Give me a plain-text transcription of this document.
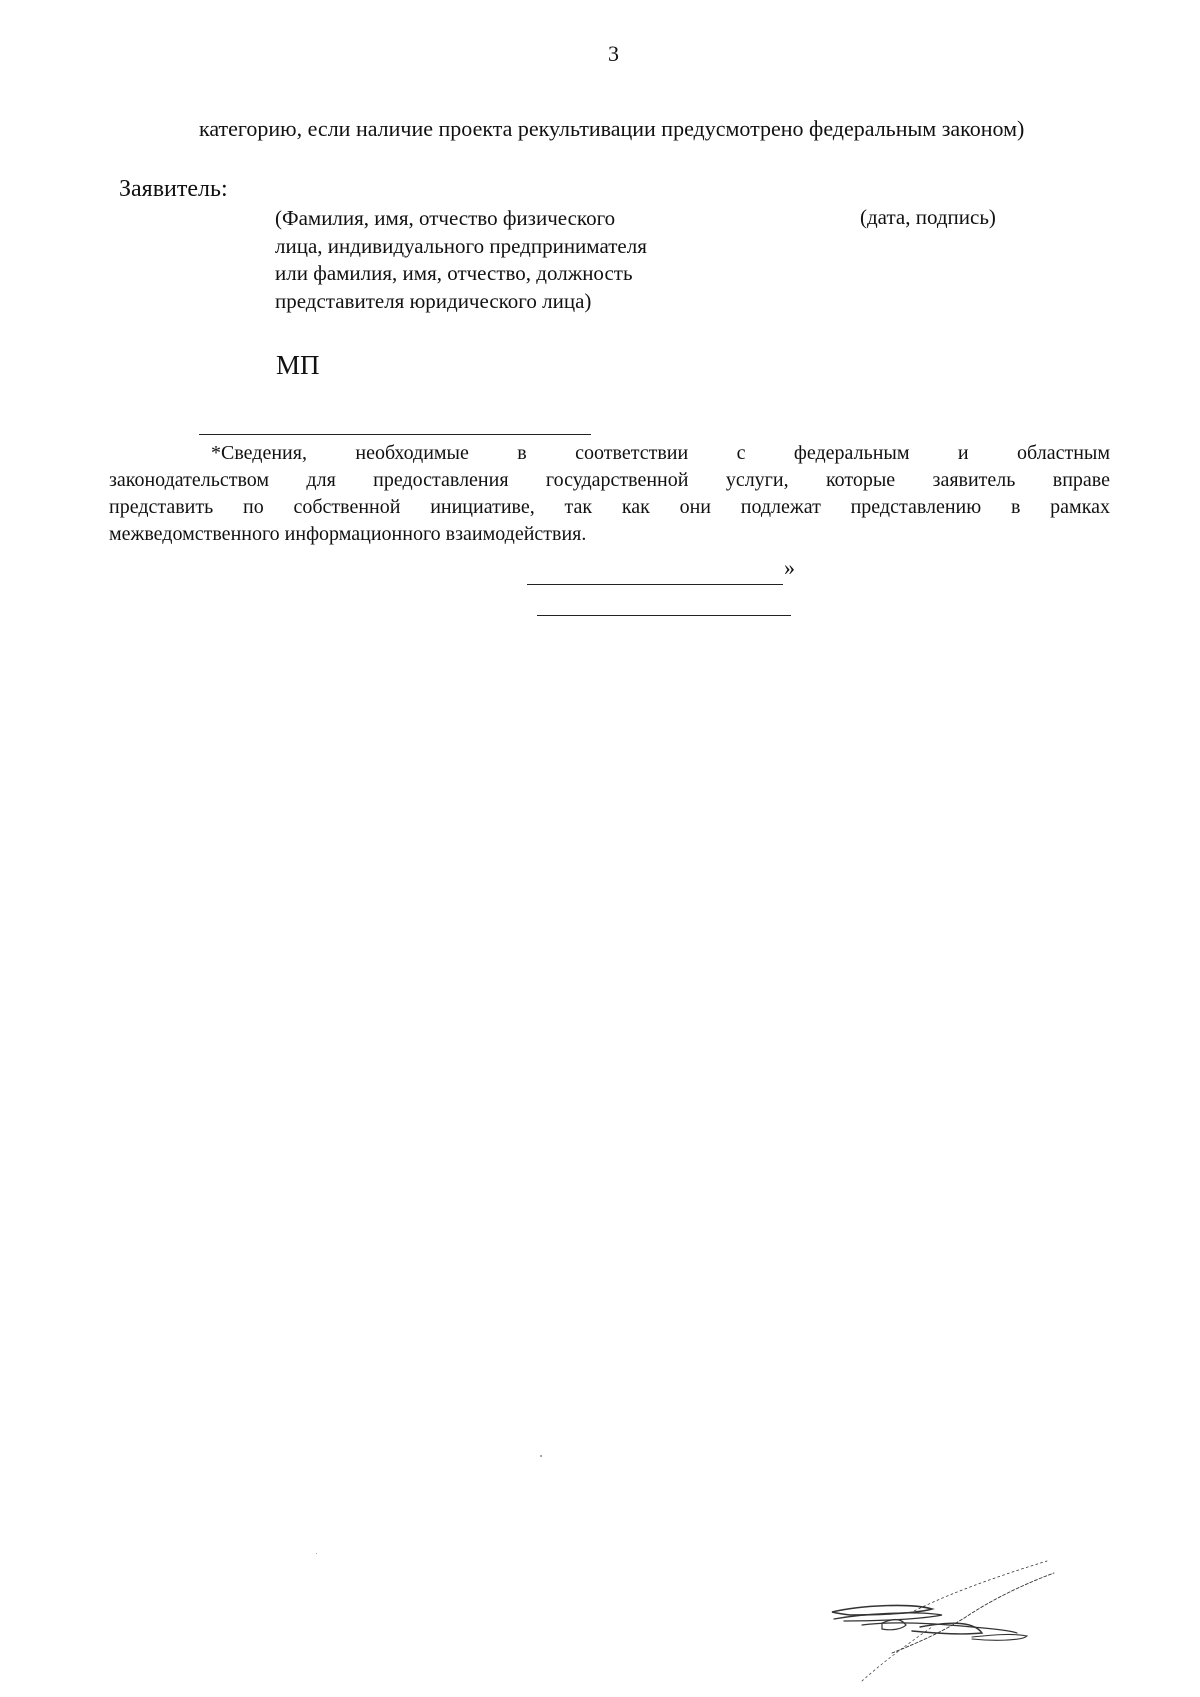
3
категорию, если наличие проекта рекультивации предусмотрено федеральным законом)
Заявитель:
(Фамилия, имя, отчество физического
лица, индивидуального предпринимателя
или фамилия, имя, отчество, должность
представителя юридического лица)
(дата, подпись)
МП
*Сведения, необходимые в соответствии с федеральным и областным
законодательством для предоставления государственной услуги, которые заявитель вправе
представить по собственной инициативе, так как они подлежат представлению в рамках
межведомственного информационного взаимодействия.
»
